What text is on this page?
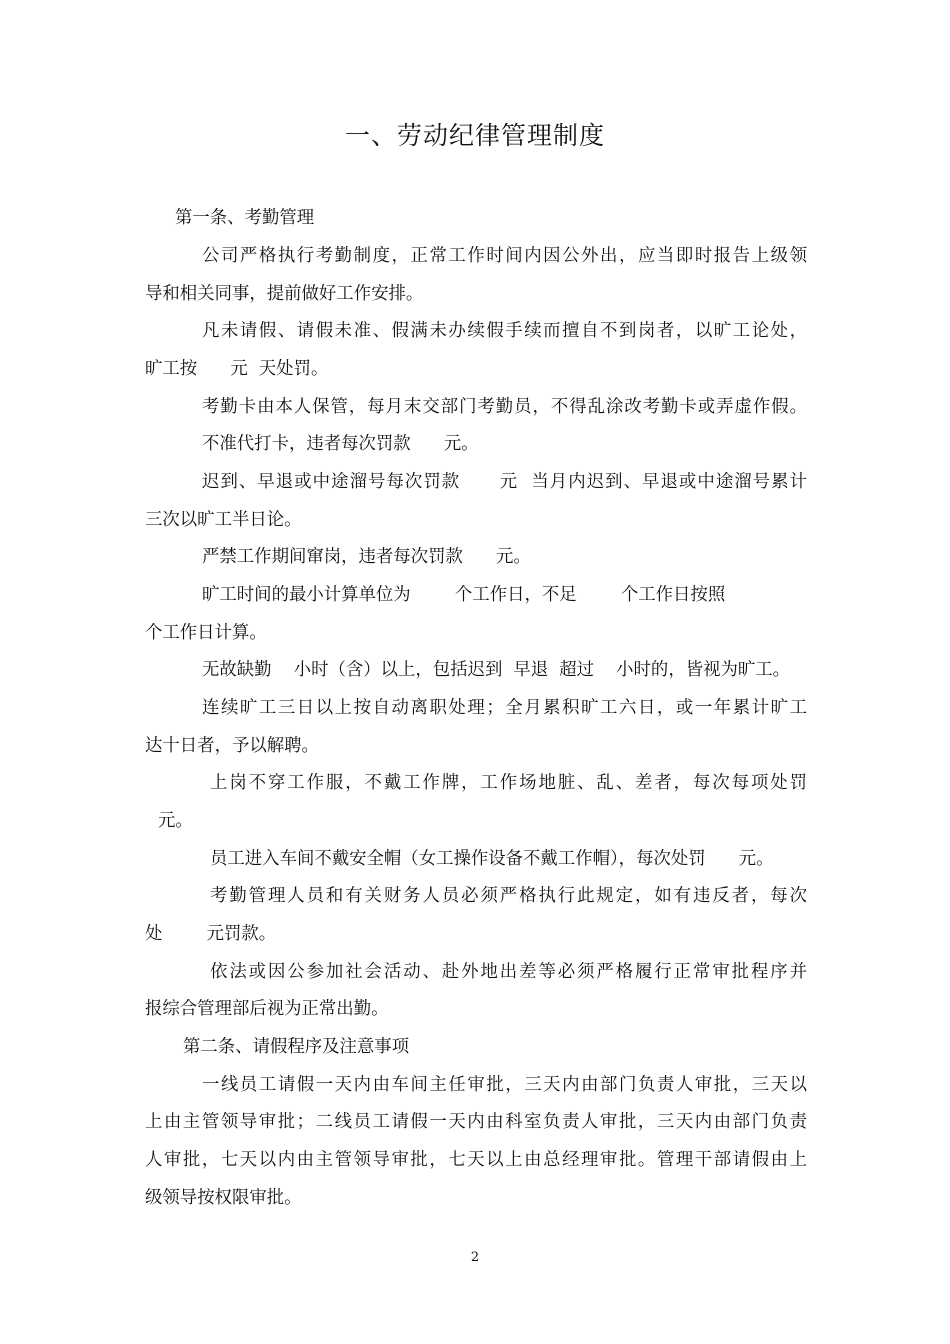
一、劳动纪律管理制度
第一条、考勤管理
公司严格执行考勤制度，正常工作时间内因公外出，应当即时报告上级领
导和相关同事，提前做好工作安排。
凡未请假、请假未准、假满未办续假手续而擅自不到岗者，以旷工论处，
旷工按      元  天处罚。
考勤卡由本人保管，每月末交部门考勤员，不得乱涂改考勤卡或弄虚作假。
不准代打卡，违者每次罚款      元。
迟到、早退或中途溜号每次罚款      元  当月内迟到、早退或中途溜号累计
三次以旷工半日论。
严禁工作期间窜岗，违者每次罚款      元。
旷工时间的最小计算单位为        个工作日，不足        个工作日按照
个工作日计算。
无故缺勤    小时（含）以上，包括迟到  早退  超过    小时的，皆视为旷工。
连续旷工三日以上按自动离职处理；全月累积旷工六日，或一年累计旷工
达十日者，予以解聘。
上岗不穿工作服，不戴工作牌，工作场地脏、乱、差者，每次每项处罚
元。
员工进入车间不戴安全帽（女工操作设备不戴工作帽），每次处罚      元。
考勤管理人员和有关财务人员必须严格执行此规定，如有违反者，每次
处        元罚款。
依法或因公参加社会活动、赴外地出差等必须严格履行正常审批程序并
报综合管理部后视为正常出勤。
第二条、请假程序及注意事项
一线员工请假一天内由车间主任审批，三天内由部门负责人审批，三天以
上由主管领导审批；二线员工请假一天内由科室负责人审批，三天内由部门负责
人审批，七天以内由主管领导审批，七天以上由总经理审批。管理干部请假由上
级领导按权限审批。
2
